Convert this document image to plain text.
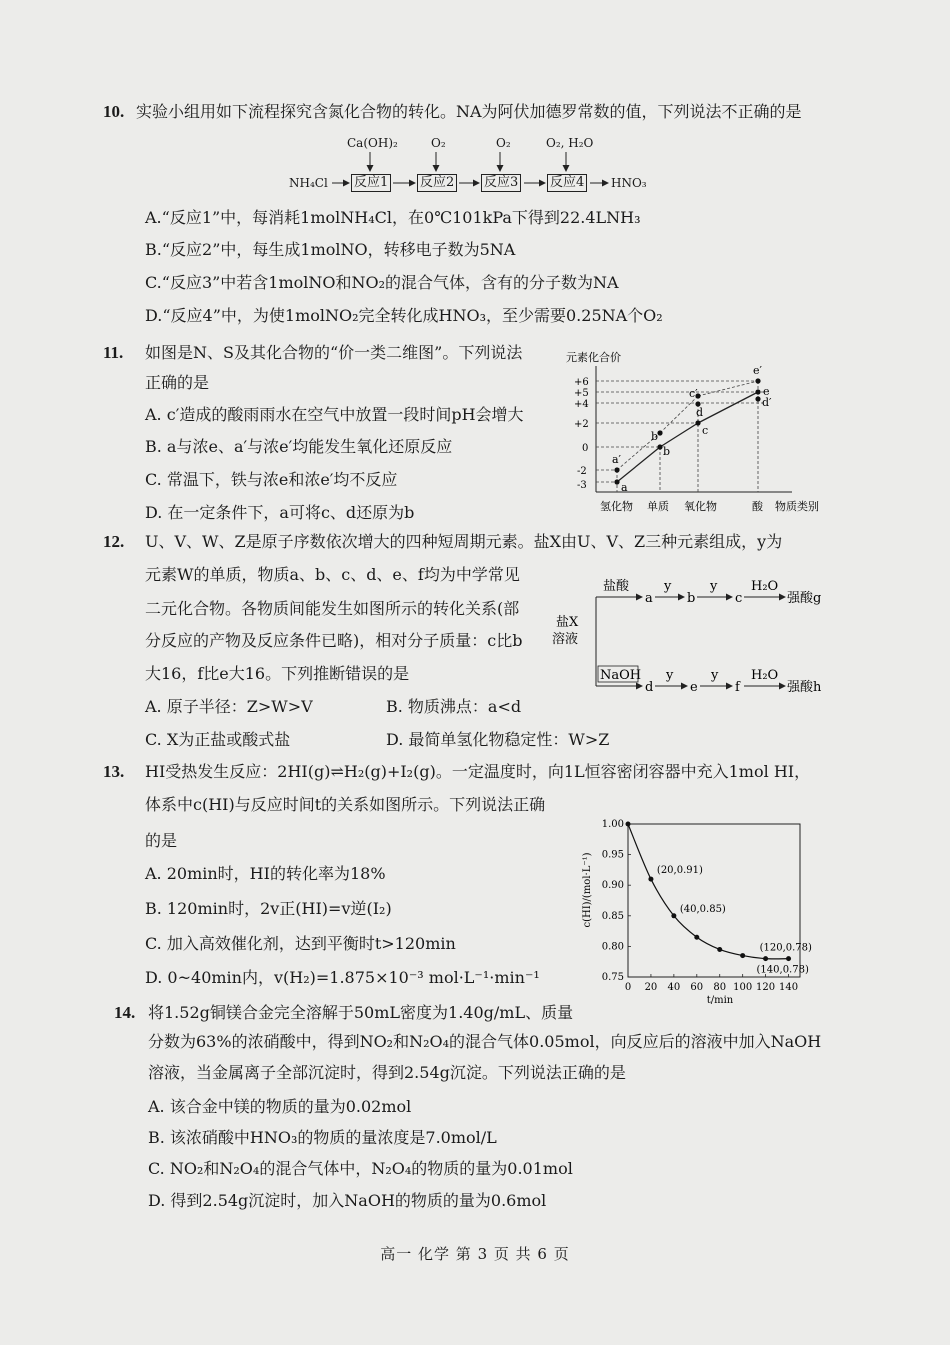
10. 实验小组用如下流程探究含氮化合物的转化。NA为阿伏加德罗常数的值，下列说法不正确的是
Ca(OH)₂	O₂	O₂	O₂, H₂O
NH₄Cl 反应1 反应2 反应3 反应4 HNO₃
A.“反应1”中，每消耗1molNH₄Cl，在0℃101kPa下得到22.4LNH₃
B.“反应2”中，每生成1molNO，转移电子数为5NA
C.“反应3”中若含1molNO和NO₂的混合气体，含有的分子数为NA
D.“反应4”中，为使1molNO₂完全转化成HNO₃，至少需要0.25NA个O₂
11. 如图是N、S及其化合物的“价一类二维图”。下列说法
正确的是
A. c′造成的酸雨雨水在空气中放置一段时间pH会增大
B. a与浓e、a′与浓e′均能发生氧化还原反应
C. 常温下，铁与浓e和浓e′均不反应
D. 在一定条件下，a可将c、d还原为b
元素化合价
+6
+5
+4
+2
0
-2
-3
氢化物 单质 氧化物	酸 物质类别
a
a′
b
b′	c
c′
d
d′
e
e′
12. U、V、W、Z是原子序数依次增大的四种短周期元素。盐X由U、V、Z三种元素组成，y为
元素W的单质，物质a、b、c、d、e、f均为中学常见
二元化合物。各物质间能发生如图所示的转化关系(部
分反应的产物及反应条件已略)，相对分子质量：c比b
大16，f比e大16。下列推断错误的是
A. 原子半径：Z>W>V	B. 物质沸点：a<d
C. X为正盐或酸式盐	D. 最简单氢化物稳定性：W>Z
盐X
溶液
盐酸
NaOH
a
y
b
y
c
H₂O
强酸g
d
y
e
y
f
H₂O
强酸h
13. HI受热发生反应：2HI(g)⇌H₂(g)+I₂(g)。一定温度时，向1L恒容密闭容器中充入1mol HI，
体系中c(HI)与反应时间t的关系如图所示。下列说法正确
的是
A. 20min时，HI的转化率为18%
B. 120min时，2v正(HI)=v逆(I₂)
C. 加入高效催化剂，达到平衡时t>120min
D. 0~40min内，v(H₂)=1.875×10⁻³ mol·L⁻¹·min⁻¹
0 20 40 60 80 100 120 140
1.00
0.95
0.90
0.85
0.80
0.75
(20,0.91)
(40,0.85)
(120,0.78)
(140,0.78)
c(HI)/(mol·L⁻¹)
t/min
14. 将1.52g铜镁合金完全溶解于50mL密度为1.40g/mL、质量
分数为63%的浓硝酸中，得到NO₂和N₂O₄的混合气体0.05mol，向反应后的溶液中加入NaOH
溶液，当金属离子全部沉淀时，得到2.54g沉淀。下列说法正确的是
A. 该合金中镁的物质的量为0.02mol
B. 该浓硝酸中HNO₃的物质的量浓度是7.0mol/L
C. NO₂和N₂O₄的混合气体中，N₂O₄的物质的量为0.01mol
D. 得到2.54g沉淀时，加入NaOH的物质的量为0.6mol
高一 化学 第 3 页 共 6 页
